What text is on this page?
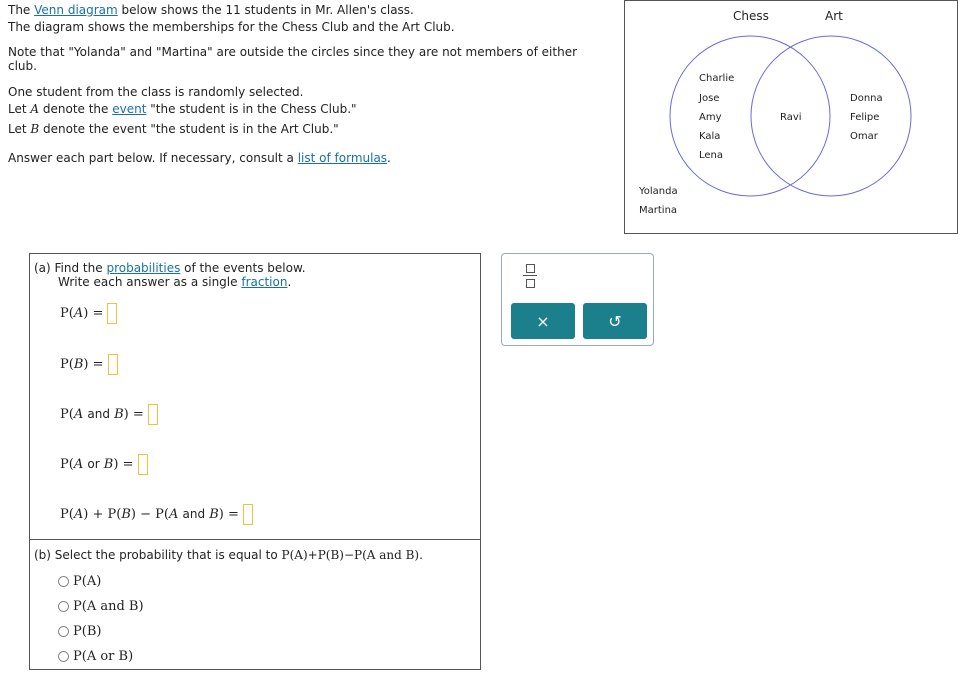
The Venn diagram below shows the 11 students in Mr. Allen's class.

The diagram shows the memberships for the Chess Club and the Art Club.

Note that "Yolanda" and "Martina" are outside the circles since they are not members of either

club.

One student from the class is randomly selected.

Let A denote the event "the student is in the Chess Club."

Let B denote the event "the student is in the Art Club."

Answer each part below. If necessary, consult a list of formulas.

Chess	Art
Charlie
Jose
Amy
Kala
Lena
Ravi
Donna
Felipe
Omar
Yolanda
Martina
(a) Find the probabilities of the events below.
Write each answer as a single fraction.
P(A) =
P(B) =
P(A and B) =
P(A or B) =
P(A) + P(B) − P(A and B) =
(b) Select the probability that is equal to P(A)+P(B)−P(A and B).
P(A)
P(A and B)
P(B)
P(A or B)
×	↺
